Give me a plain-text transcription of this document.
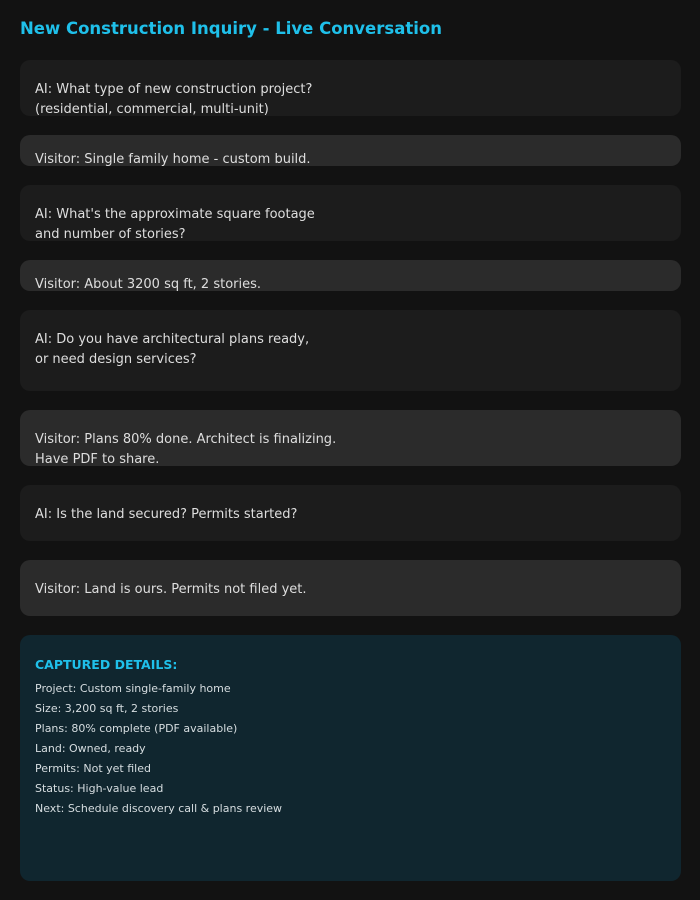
New Construction Inquiry - Live Conversation
AI: What type of new construction project?
(residential, commercial, multi-unit)
Visitor: Single family home - custom build.
AI: What's the approximate square footage
and number of stories?
Visitor: About 3200 sq ft, 2 stories.
AI: Do you have architectural plans ready,
or need design services?
Visitor: Plans 80% done. Architect is finalizing.
Have PDF to share.
AI: Is the land secured? Permits started?
Visitor: Land is ours. Permits not filed yet.
CAPTURED DETAILS:
Project: Custom single-family home
Size: 3,200 sq ft, 2 stories
Plans: 80% complete (PDF available)
Land: Owned, ready
Permits: Not yet filed
Status: High-value lead
Next: Schedule discovery call & plans review
